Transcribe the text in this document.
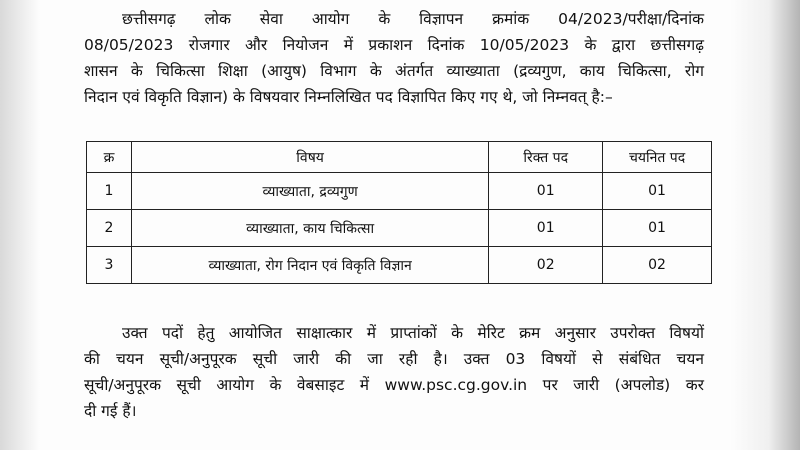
छत्तीसगढ़ लोक सेवा आयोग के विज्ञापन क्रमांक 04/2023/परीक्षा/दिनांक
08/05/2023 रोजगार और नियोजन में प्रकाशन दिनांक 10/05/2023 के द्वारा छत्तीसगढ़
शासन के चिकित्सा शिक्षा (आयुष) विभाग के अंतर्गत व्याख्याता (द्रव्यगुण, काय चिकित्सा, रोग
निदान एवं विकृति विज्ञान) के विषयवार निम्नलिखित पद विज्ञापित किए गए थे, जो निम्नवत् है:–
क्र	विषय	रिक्त पद	चयनित पद
1	व्याख्याता, द्रव्यगुण	01	01
2	व्याख्याता, काय चिकित्सा	01	01
3	व्याख्याता, रोग निदान एवं विकृति विज्ञान	02	02
उक्त पदों हेतु आयोजित साक्षात्कार में प्राप्तांकों के मेरिट क्रम अनुसार उपरोक्त विषयों
की चयन सूची/अनुपूरक सूची जारी की जा रही है। उक्त 03 विषयों से संबंधित चयन
सूची/अनुपूरक सूची आयोग के वेबसाइट में www.psc.cg.gov.in पर जारी (अपलोड) कर
दी गई हैं।
